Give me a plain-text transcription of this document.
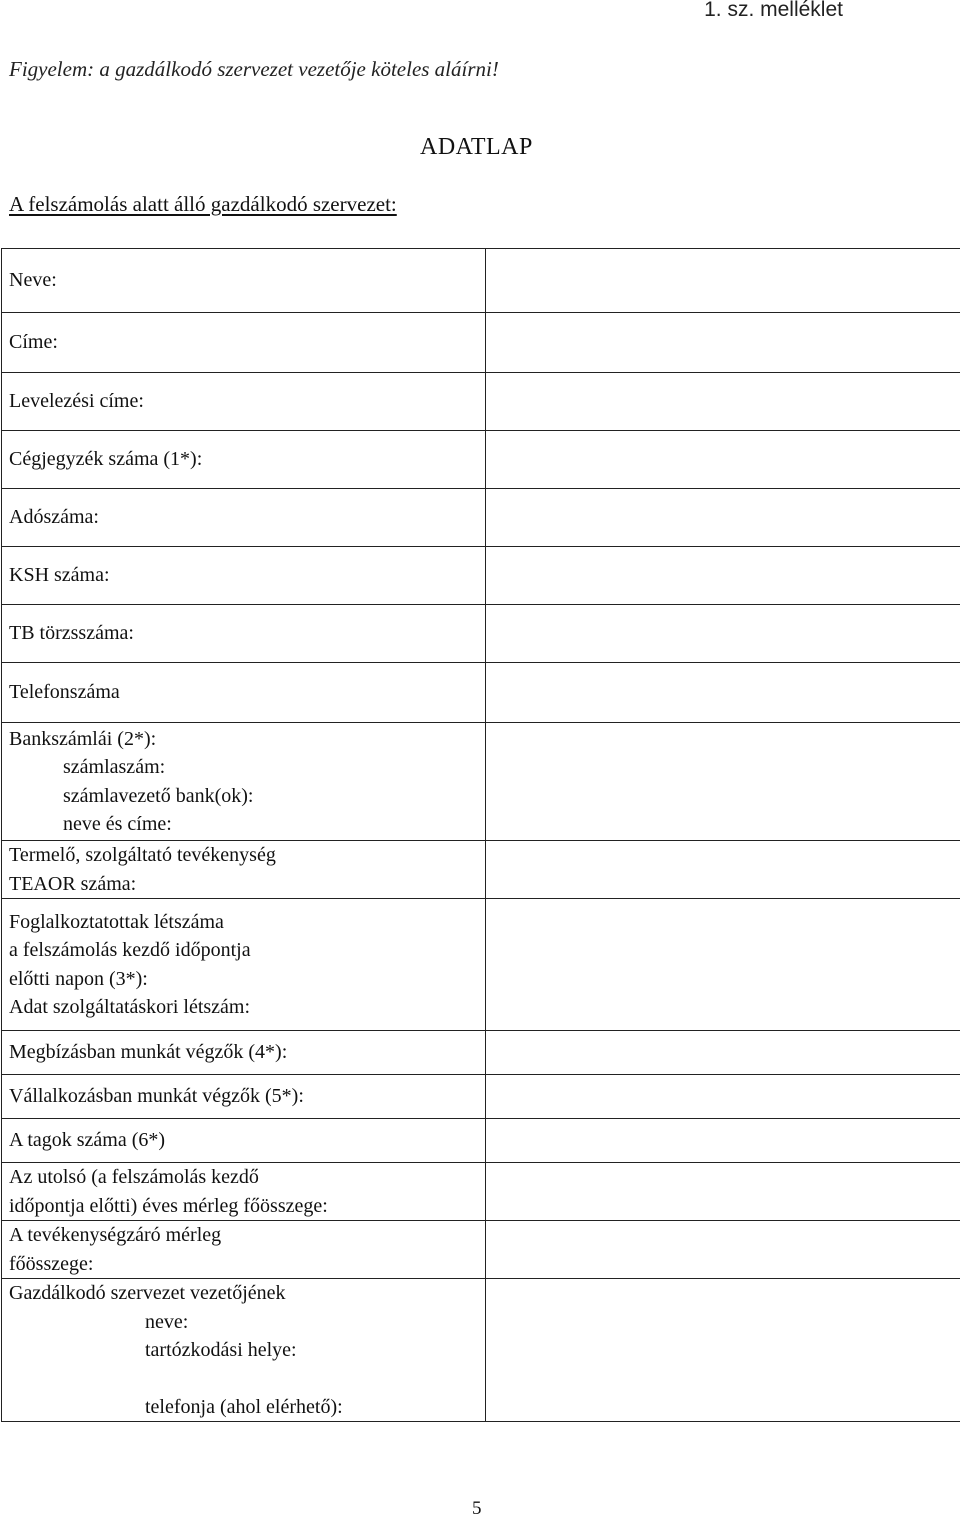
1. sz. melléklet
Figyelem: a gazdálkodó szervezet vezetője köteles aláírni!
ADATLAP
A felszámolás alatt álló gazdálkodó szervezet:
Neve:	
Címe:	
Levelezési címe:	
Cégjegyzék száma (1*):	
Adószáma:	
KSH száma:	
TB törzsszáma:	
Telefonszáma	

Bankszámlái (2*):
számlaszám:
számlavezető bank(ok):
neve és címe:	

Termelő, szolgáltató tevékenység
TEAOR száma:	

Foglalkoztatottak létszáma
a felszámolás kezdő időpontja
előtti napon (3*):
Adat szolgáltatáskori létszám:	

Megbízásban munkát végzők (4*):	
Vállalkozásban munkát végzők (5*):	
A tagok száma (6*)	

Az utolsó (a felszámolás kezdő
időpontja előtti) éves mérleg főösszege:	

A tevékenységzáró mérleg
főösszege:	

Gazdálkodó szervezet vezetőjének
neve:
tartózkodási helye:
telefonja (ahol elérhető):	

5
